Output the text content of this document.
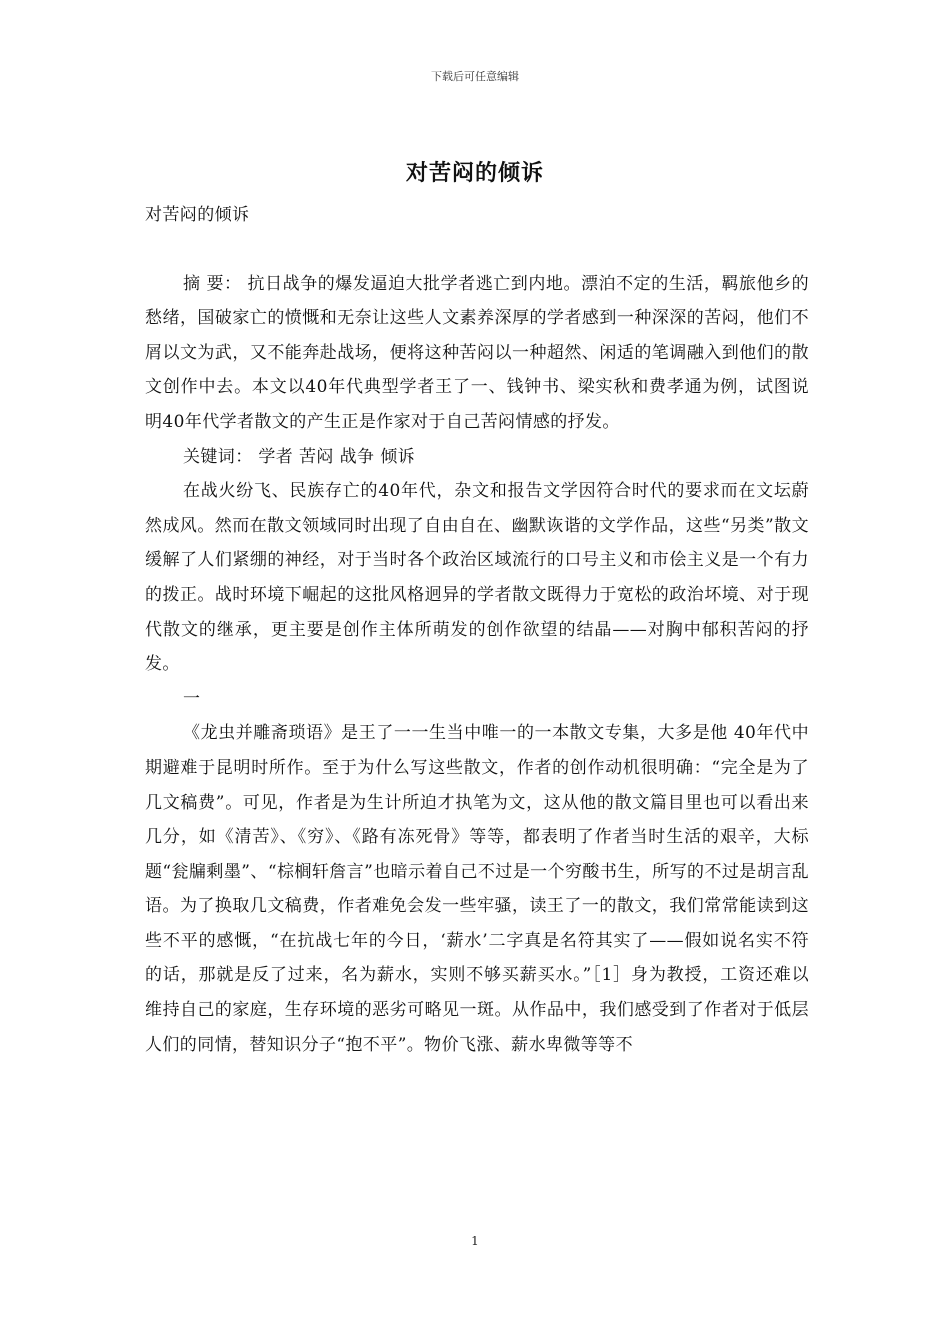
下载后可任意编辑
对苦闷的倾诉

对苦闷的倾诉

摘 要： 抗日战争的爆发逼迫大批学者逃亡到内地。漂泊不定的生活，羁旅他乡的愁绪，国破家亡的愤慨和无奈让这些人文素养深厚的学者感到一种深深的苦闷，他们不屑以文为武，又不能奔赴战场，便将这种苦闷以一种超然、闲适的笔调融入到他们的散文创作中去。本文以40年代典型学者王了一、钱钟书、梁实秋和费孝通为例，试图说明40年代学者散文的产生正是作家对于自己苦闷情感的抒发。

关键词： 学者 苦闷 战争 倾诉

在战火纷飞、民族存亡的40年代，杂文和报告文学因符合时代的要求而在文坛蔚然成风。然而在散文领域同时出现了自由自在、幽默诙谐的文学作品，这些“另类”散文缓解了人们紧绷的神经，对于当时各个政治区域流行的口号主义和市侩主义是一个有力的拨正。战时环境下崛起的这批风格迥异的学者散文既得力于宽松的政治坏境、对于现代散文的继承，更主要是创作主体所萌发的创作欲望的结晶——对胸中郁积苦闷的抒发。

一

《龙虫并雕斋琐语》是王了一一生当中唯一的一本散文专集，大多是他 40年代中期避难于昆明时所作。至于为什么写这些散文，作者的创作动机很明确：“完全是为了几文稿费”。可见，作者是为生计所迫才执笔为文，这从他的散文篇目里也可以看出来几分，如《清苦》、《穷》、《路有冻死骨》等等，都表明了作者当时生活的艰辛，大标题“瓮牖剩墨”、“棕榈轩詹言”也暗示着自己不过是一个穷酸书生，所写的不过是胡言乱语。为了换取几文稿费，作者难免会发一些牢骚，读王了一的散文，我们常常能读到这些不平的感慨，“在抗战七年的今日，‘薪水’二字真是名符其实了——假如说名实不符的话，那就是反了过来，名为薪水，实则不够买薪买水。”［1］身为教授，工资还难以维持自己的家庭，生存环境的恶劣可略见一斑。从作品中，我们感受到了作者对于低层人们的同情，替知识分子“抱不平”。物价飞涨、薪水卑微等等不

1
